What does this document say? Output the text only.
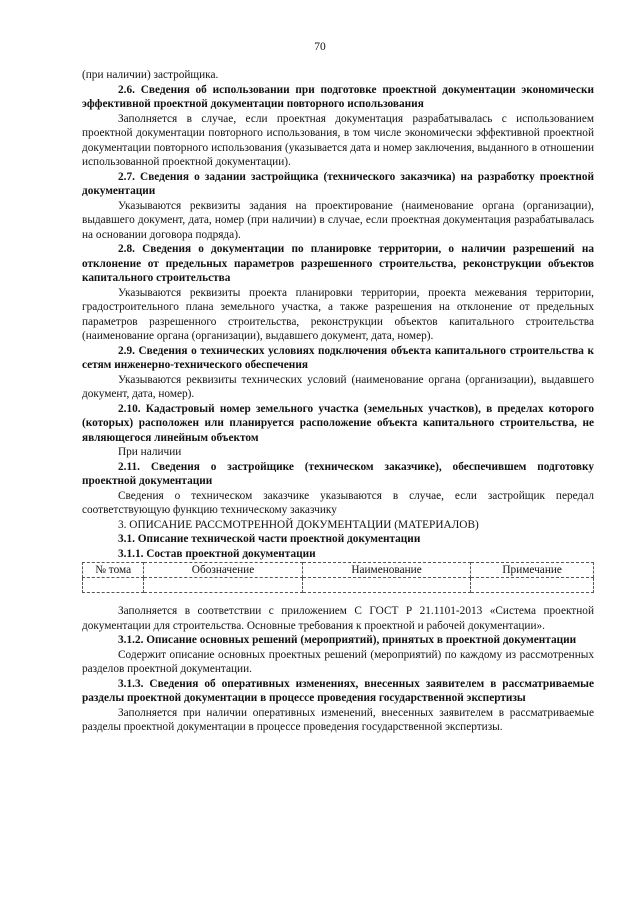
70

(при наличии) застройщика.

2.6. Сведения об использовании при подготовке проектной документации экономически эффективной проектной документации повторного использования

Заполняется в случае, если проектная документация разрабатывалась с использованием проектной документации повторного использования, в том числе экономически эффективной проектной документации повторного использования (указывается дата и номер заключения, выданного в отношении использованной проектной документации).

2.7. Сведения о задании застройщика (технического заказчика) на разработку проектной документации

Указываются реквизиты задания на проектирование (наименование органа (организации), выдавшего документ, дата, номер (при наличии) в случае, если проектная документация разрабатывалась на основании договора подряда).

2.8. Сведения о документации по планировке территории, о наличии разрешений на отклонение от предельных параметров разрешенного строительства, реконструкции объектов капитального строительства

Указываются реквизиты проекта планировки территории, проекта межевания территории, градостроительного плана земельного участка, а также разрешения на отклонение от предельных параметров разрешенного строительства, реконструкции объектов капитального строительства (наименование органа (организации), выдавшего документ, дата, номер).

2.9. Сведения о технических условиях подключения объекта капитального строительства к сетям инженерно-технического обеспечения

Указываются реквизиты технических условий (наименование органа (организации), выдавшего документ, дата, номер).

2.10. Кадастровый номер земельного участка (земельных участков), в пределах которого (которых) расположен или планируется расположение объекта капитального строительства, не являющегося линейным объектом

При наличии

2.11. Сведения о застройщике (техническом заказчике), обеспечившем подготовку проектной документации

Сведения о техническом заказчике указываются в случае, если застройщик передал соответствующую функцию техническому заказчику

3. ОПИСАНИЕ РАССМОТРЕННОЙ ДОКУМЕНТАЦИИ (МАТЕРИАЛОВ)

3.1. Описание технической части проектной документации

3.1.1. Состав проектной документации

№ тома	Обозначение	Наименование	Примечание

Заполняется в соответствии с приложением С ГОСТ Р 21.1101-2013 «Система проектной документации для строительства. Основные требования к проектной и рабочей документации».

3.1.2. Описание основных решений (мероприятий), принятых в проектной документации

Содержит описание основных проектных решений (мероприятий) по каждому из рассмотренных разделов проектной документации.

3.1.3. Сведения об оперативных изменениях, внесенных заявителем в рассматриваемые разделы проектной документации в процессе проведения государственной экспертизы

Заполняется при наличии оперативных изменений, внесенных заявителем в рассматриваемые разделы проектной документации в процессе проведения государственной экспертизы.
